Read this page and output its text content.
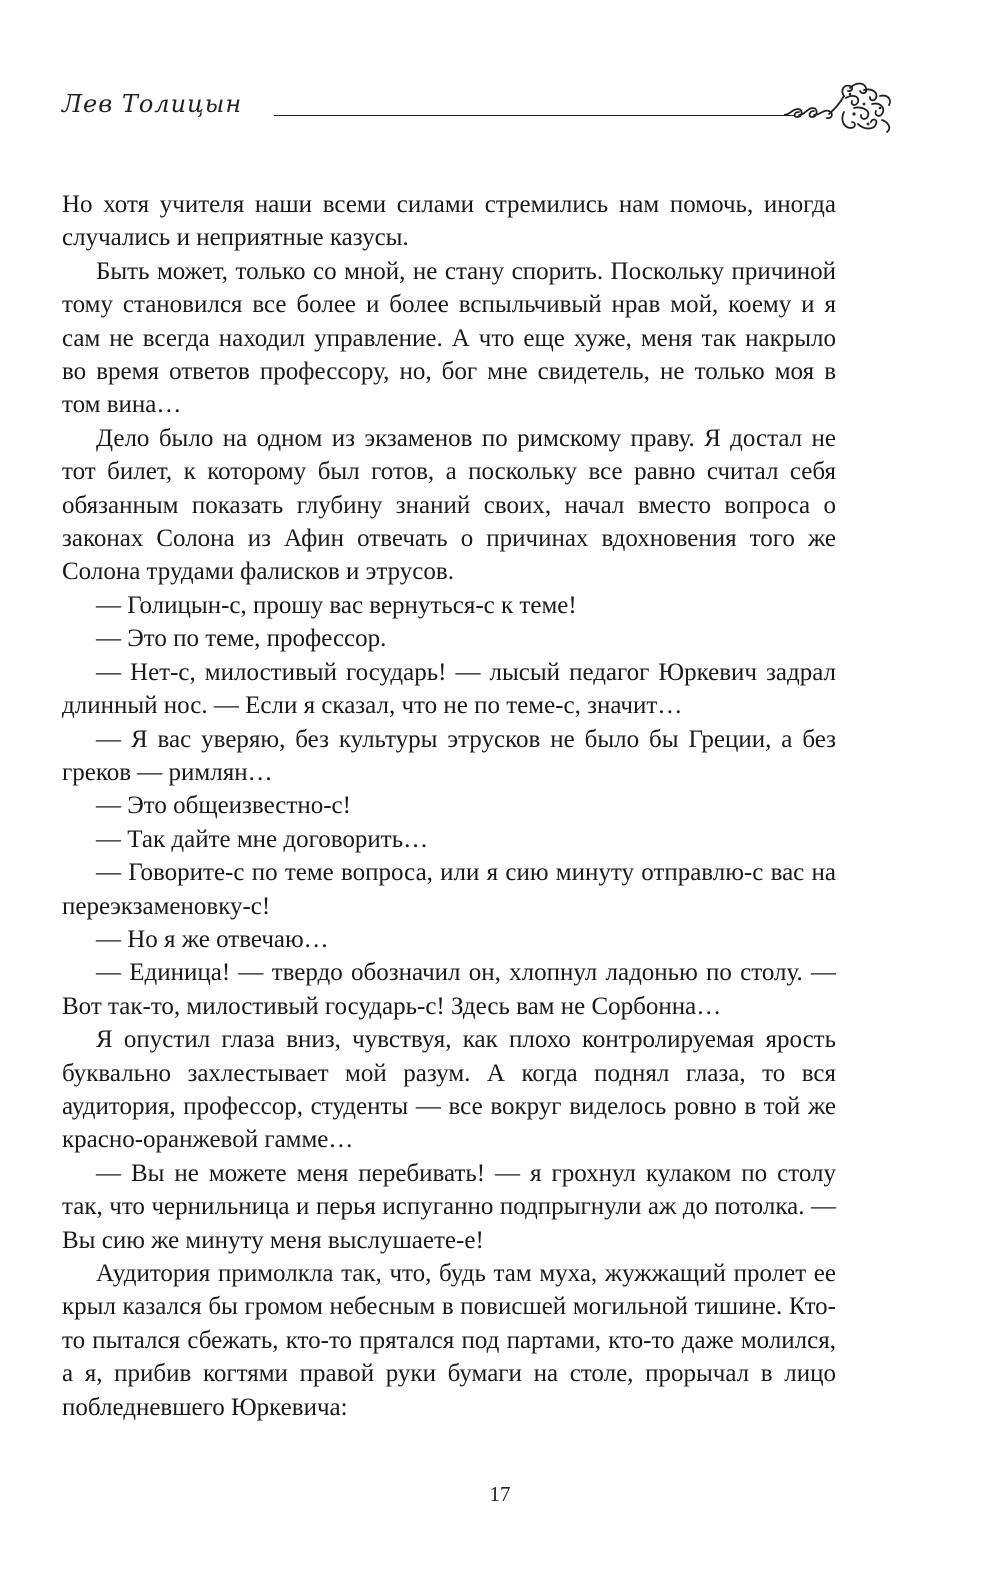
Лев Толицын

Но хотя учителя наши всеми силами стремились нам помочь, иногда случались и неприятные казусы.

Быть может, только со мной, не стану спорить. Поскольку причиной тому становился все более и более вспыльчивый нрав мой, коему и я сам не всегда находил управление. А что еще хуже, меня так накрыло во время ответов профессору, но, бог мне свидетель, не только моя в том вина…

Дело было на одном из экзаменов по римскому праву. Я достал не тот билет, к которому был готов, а поскольку все равно считал себя обязанным показать глубину знаний своих, начал вместо вопроса о законах Солона из Афин отвечать о причинах вдохновения того же Солона трудами фалисков и этрусов.

— Голицын-с, прошу вас вернуться-с к теме!

— Это по теме, профессор.

— Нет-с, милостивый государь! — лысый педагог Юркевич задрал длинный нос. — Если я сказал, что не по теме-с, значит…

— Я вас уверяю, без культуры этрусков не было бы Греции, а без греков — римлян…

— Это общеизвестно-с!

— Так дайте мне договорить…

— Говорите-с по теме вопроса, или я сию минуту отправлю-с вас на переэкзаменовку-с!

— Но я же отвечаю…

— Единица! — твердо обозначил он, хлопнул ладонью по столу. — Вот так-то, милостивый государь-с! Здесь вам не Сорбонна…

Я опустил глаза вниз, чувствуя, как плохо контролируемая ярость буквально захлестывает мой разум. А когда поднял глаза, то вся аудитория, профессор, студенты — все вокруг виделось ровно в той же красно-оранжевой гамме…

— Вы не можете меня перебивать! — я грохнул кулаком по столу так, что чернильница и перья испуганно подпрыгнули аж до потолка. — Вы сию же минуту меня выслушаете-е!

Аудитория примолкла так, что, будь там муха, жужжащий пролет ее крыл казался бы громом небесным в повисшей могильной тишине. Кто-то пытался сбежать, кто-то прятался под партами, кто-то даже молился, а я, прибив когтями правой руки бумаги на столе, прорычал в лицо побледневшего Юркевича:

17
